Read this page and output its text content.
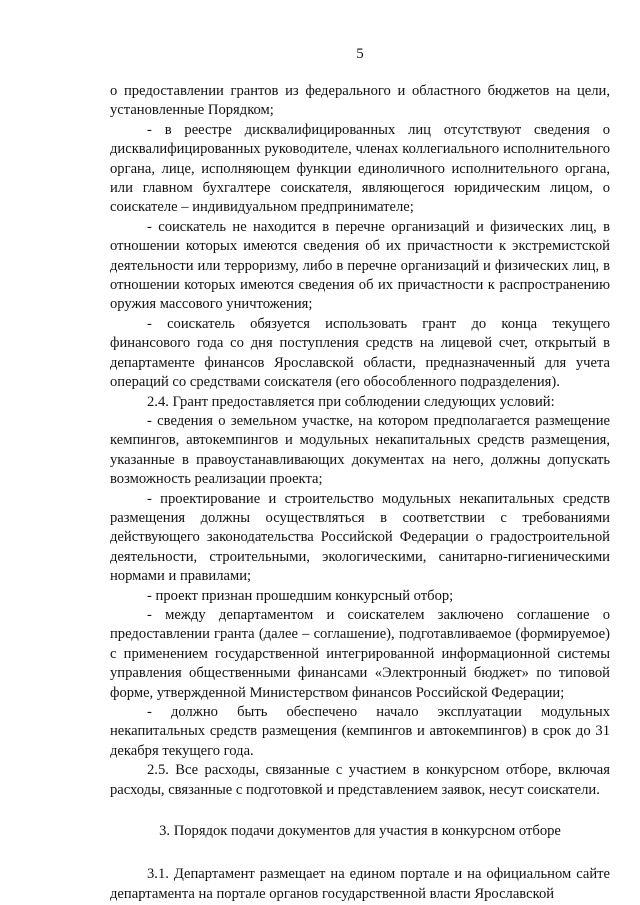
5

о предоставлении грантов из федерального и областного бюджетов на цели, установленные Порядком;

- в реестре дисквалифицированных лиц отсутствуют сведения о дисквалифицированных руководителе, членах коллегиального исполнительного органа, лице, исполняющем функции единоличного исполнительного органа, или главном бухгалтере соискателя, являющегося юридическим лицом, о соискателе – индивидуальном предпринимателе;

- соискатель не находится в перечне организаций и физических лиц, в отношении которых имеются сведения об их причастности к экстремистской деятельности или терроризму, либо в перечне организаций и физических лиц, в отношении которых имеются сведения об их причастности к распространению оружия массового уничтожения;

- соискатель обязуется использовать грант до конца текущего финансового года со дня поступления средств на лицевой счет, открытый в департаменте финансов Ярославской области, предназначенный для учета операций со средствами соискателя (его обособленного подразделения).

2.4. Грант предоставляется при соблюдении следующих условий:

- сведения о земельном участке, на котором предполагается размещение кемпингов, автокемпингов и модульных некапитальных средств размещения, указанные в правоустанавливающих документах на него, должны допускать возможность реализации проекта;

- проектирование и строительство модульных некапитальных средств размещения должны осуществляться в соответствии с требованиями действующего законодательства Российской Федерации о градостроительной деятельности, строительными, экологическими, санитарно-гигиеническими нормами и правилами;

- проект признан прошедшим конкурсный отбор;

- между департаментом и соискателем заключено соглашение о предоставлении гранта (далее – соглашение), подготавливаемое (формируемое) с применением государственной интегрированной информационной системы управления общественными финансами «Электронный бюджет» по типовой форме, утвержденной Министерством финансов Российской Федерации;

- должно быть обеспечено начало эксплуатации модульных некапитальных средств размещения (кемпингов и автокемпингов) в срок до 31 декабря текущего года.

2.5. Все расходы, связанные с участием в конкурсном отборе, включая расходы, связанные с подготовкой и представлением заявок, несут соискатели.

3. Порядок подачи документов для участия в конкурсном отборе

3.1. Департамент размещает на едином портале и на официальном сайте департамента на портале органов государственной власти Ярославской
